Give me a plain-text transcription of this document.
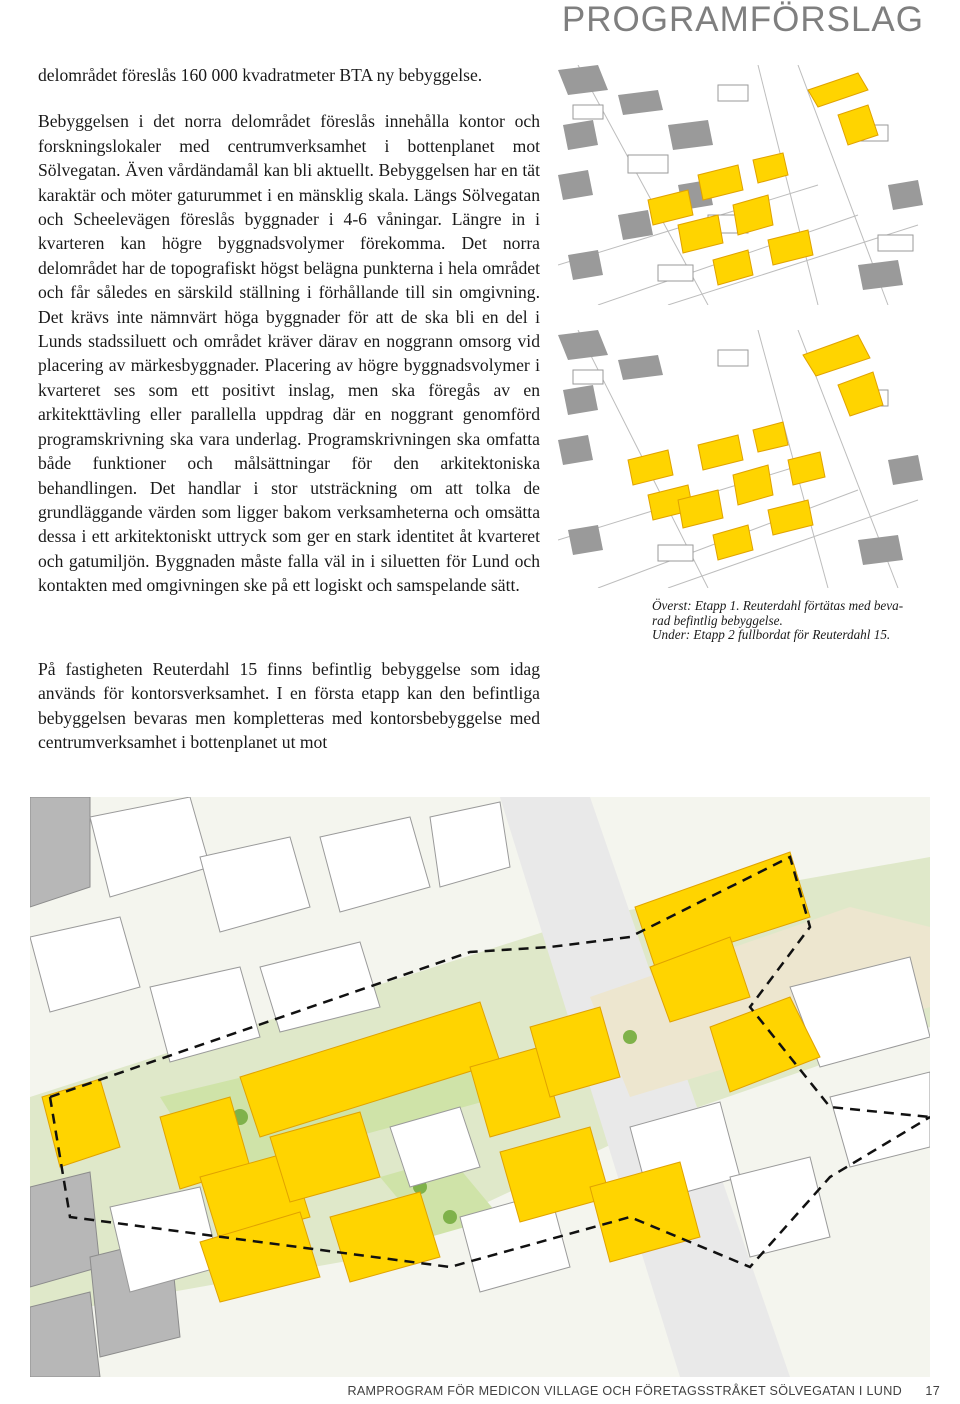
PROGRAMFÖRSLAG

delområdet föreslås 160 000 kvadratmeter BTA ny bebyggelse.

Bebyggelsen i det norra delområdet föreslås innehålla kontor och forskningslokaler med centrumverksamhet i bottenplanet mot Sölvegatan. Även vårdändamål kan bli aktuellt. Bebyggelsen har en tät karaktär och möter gaturummet i en mänsklig skala. Längs Sölvegatan och Scheelevägen föreslås byggnader i 4-6 våningar. Längre in i kvarteren kan högre byggnadsvolymer förekomma. Det norra delområdet har de topografiskt högst belägna punkterna i hela området och får således en särskild ställning i förhållande till sin omgivning. Det krävs inte nämnvärt höga byggnader för att de ska bli en del i Lunds stadssiluett och området kräver därav en noggrann omsorg vid placering av märkesbyggnader. Placering av högre byggnadsvolymer i kvarteret ses som ett positivt inslag, men ska föregås av en arkitekttävling eller parallella uppdrag där en noggrant genomförd programskrivning ska vara underlag. Programskrivningen ska omfatta både funktioner och målsättningar för den arkitektoniska behandlingen. Det handlar i stor utsträckning om att tolka de grundläggande värden som ligger bakom verksamheterna och omsätta dessa i ett arkitektoniskt uttryck som ger en stark identitet åt kvarteret och gatumiljön. Byggnaden måste falla väl in i siluetten för Lund och kontakten med omgivningen ske på ett logiskt och samspelande sätt.

På fastigheten Reuterdahl 15 finns befintlig bebyggelse som idag används för kontorsverksamhet. I en första etapp kan den befintliga bebyggelsen bevaras men kompletteras med kontorsbebyggelse med centrumverksamhet i bottenplanet ut mot

Överst: Etapp 1. Reuterdahl förtätas med beva-
rad befintlig bebyggelse.
Under: Etapp 2 fullbordat för Reuterdahl 15.
RAMPROGRAM FÖR MEDICON VILLAGE OCH FÖRETAGSSTRÅKET SÖLVEGATAN I LUND 17
